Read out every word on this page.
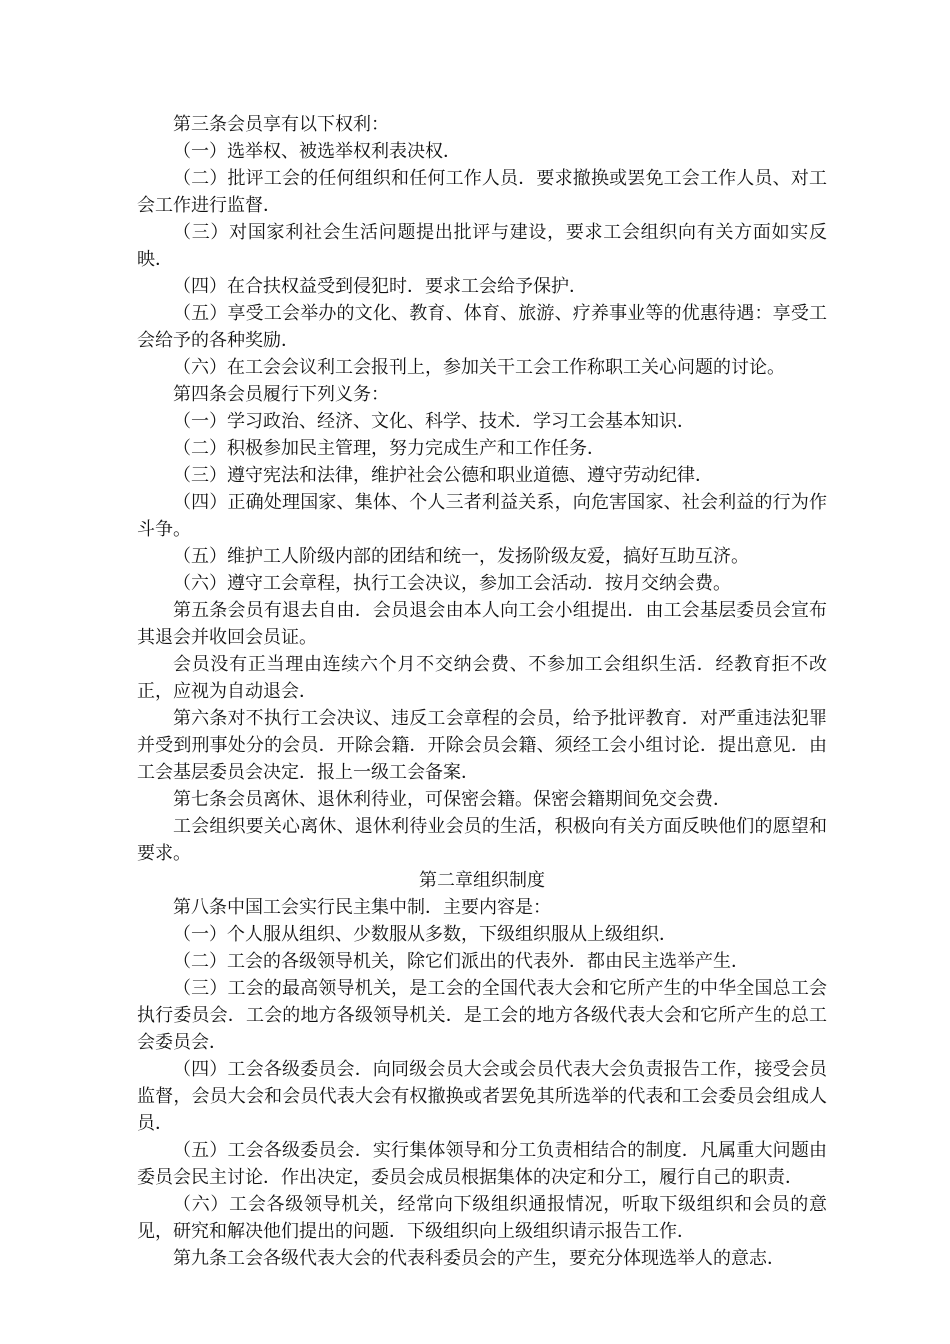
第三条会员享有以下权利：

（一）选举权、被选举权利表决权．

（二）批评工会的任何组织和任何工作人员．要求撤换或罢免工会工作人员、对工会工作进行监督．

（三）对国家利社会生活问题提出批评与建设，要求工会组织向有关方面如实反映．

（四）在合扶权益受到侵犯时．要求工会给予保护．

（五）享受工会举办的文化、教育、体育、旅游、疗养事业等的优惠待遇：享受工会给予的各种奖励．

（六）在工会会议利工会报刊上，参加关干工会工作称职工关心问题的讨论。

第四条会员履行下列义务：

（一）学习政治、经济、文化、科学、技术．学习工会基本知识．

（二）积极参加民主管理，努力完成生产和工作任务．

（三）遵守宪法和法律，维护社会公德和职业道德、遵守劳动纪律．

（四）正确处理国家、集体、个人三者利益关系，向危害国家、社会利益的行为作斗争。

（五）维护工人阶级内部的团结和统一，发扬阶级友爱，搞好互助互济。

（六）遵守工会章程，执行工会决议，参加工会活动．按月交纳会费。

第五条会员有退去自由．会员退会由本人向工会小组提出．由工会基层委员会宣布其退会并收回会员证。

会员没有正当理由连续六个月不交纳会费、不参加工会组织生活．经教育拒不改正，应视为自动退会．

第六条对不执行工会决议、违反工会章程的会员，给予批评教育．对严重违法犯罪并受到刑事处分的会员．开除会籍．开除会员会籍、须经工会小组讨论．提出意见．由工会基层委员会决定．报上一级工会备案．

第七条会员离休、退休利待业，可保密会籍。保密会籍期间免交会费．

工会组织要关心离休、退休利待业会员的生活，积极向有关方面反映他们的愿望和要求。

第二章组织制度

第八条中国工会实行民主集中制．主要内容是：

（一）个人服从组织、少数服从多数，下级组织服从上级组织．

（二）工会的各级领导机关，除它们派出的代表外．都由民主选举产生．

（三）工会的最高领导机关，是工会的全国代表大会和它所产生的中华全国总工会执行委员会．工会的地方各级领导机关．是工会的地方各级代表大会和它所产生的总工会委员会．

（四）工会各级委员会．向同级会员大会或会员代表大会负责报告工作，接受会员监督，会员大会和会员代表大会有权撤换或者罢免其所选举的代表和工会委员会组成人员．

（五）工会各级委员会．实行集体领导和分工负责相结合的制度．凡属重大问题由委员会民主讨论．作出决定，委员会成员根据集体的决定和分工，履行自己的职责．

（六）工会各级领导机关，经常向下级组织通报情况，听取下级组织和会员的意见，研究和解决他们提出的问题．下级组织向上级组织请示报告工作．

第九条工会各级代表大会的代表科委员会的产生，要充分体现选举人的意志．
